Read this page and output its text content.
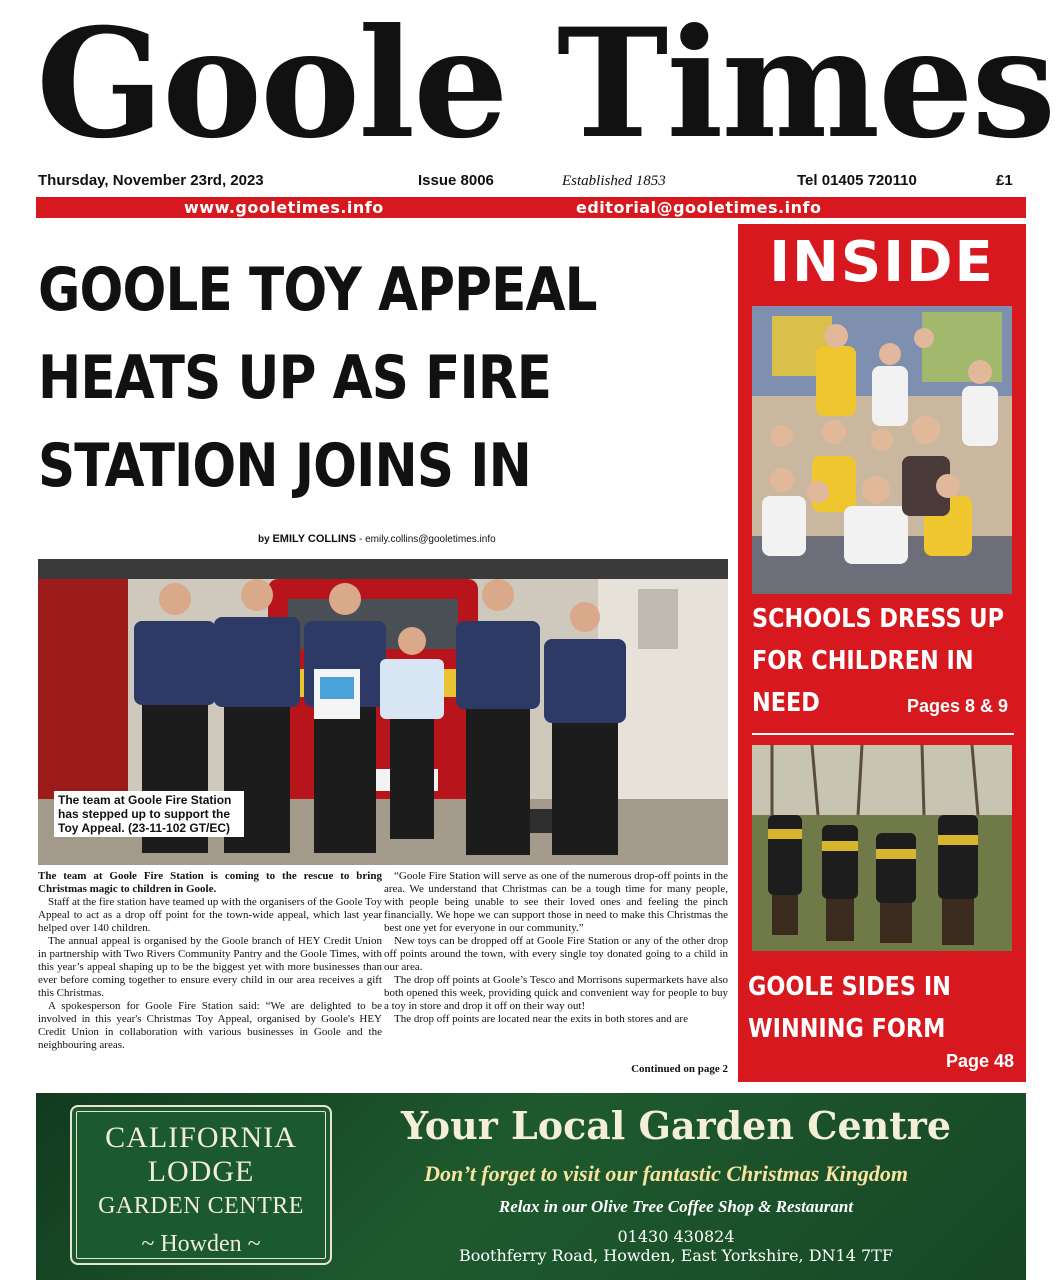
Goole Times
Thursday, November 23rd, 2023	Issue 8006	Established 1853	Tel 01405 720110	£1
www.gooletimes.info	editorial@gooletimes.info
GOOLE TOY APPEAL
HEATS UP AS FIRE
STATION JOINS IN
by EMILY COLLINS - emily.collins@gooletimes.info
The team at Goole Fire Station has stepped up to support the Toy Appeal. (23-11-102 GT/EC)

The team at Goole Fire Station is coming to the rescue to bring Christmas magic to children in Goole.

Staff at the fire station have teamed up with the organisers of the Goole Toy Appeal to act as a drop off point for the town-wide appeal, which last year helped over 140 children.

The annual appeal is organised by the Goole branch of HEY Credit Union in partnership with Two Rivers Community Pantry and the Goole Times, with this year’s appeal shaping up to be the biggest yet with more businesses than ever before coming together to ensure every child in our area receives a gift this Christmas.

A spokesperson for Goole Fire Station said: “We are delighted to be involved in this year's Christmas Toy Appeal, organised by Goole's HEY Credit Union in collaboration with various businesses in Goole and the neighbouring areas.

“Goole Fire Station will serve as one of the numerous drop-off points in the area. We understand that Christmas can be a tough time for many people, with people being unable to see their loved ones and feeling the pinch financially. We hope we can support those in need to make this Christmas the best one yet for everyone in our community.”

New toys can be dropped off at Goole Fire Station or any of the other drop off points around the town, with every single toy donated going to a child in our area.

The drop off points at Goole’s Tesco and Morrisons supermarkets have also both opened this week, providing quick and convenient way for people to buy a toy in store and drop it off on their way out!

The drop off points are located near the exits in both stores and are

Continued on page 2
INSIDE
SCHOOLS DRESS UP
FOR CHILDREN IN
NEED	Pages 8 & 9
GOOLE SIDES IN
WINNING FORM
Page 48
CALIFORNIA
LODGE
GARDEN CENTRE
~ Howden ~
Your Local Garden Centre
Don’t forget to visit our fantastic Christmas Kingdom
Relax in our Olive Tree Coffee Shop & Restaurant
01430 430824
Boothferry Road, Howden, East Yorkshire, DN14 7TF
